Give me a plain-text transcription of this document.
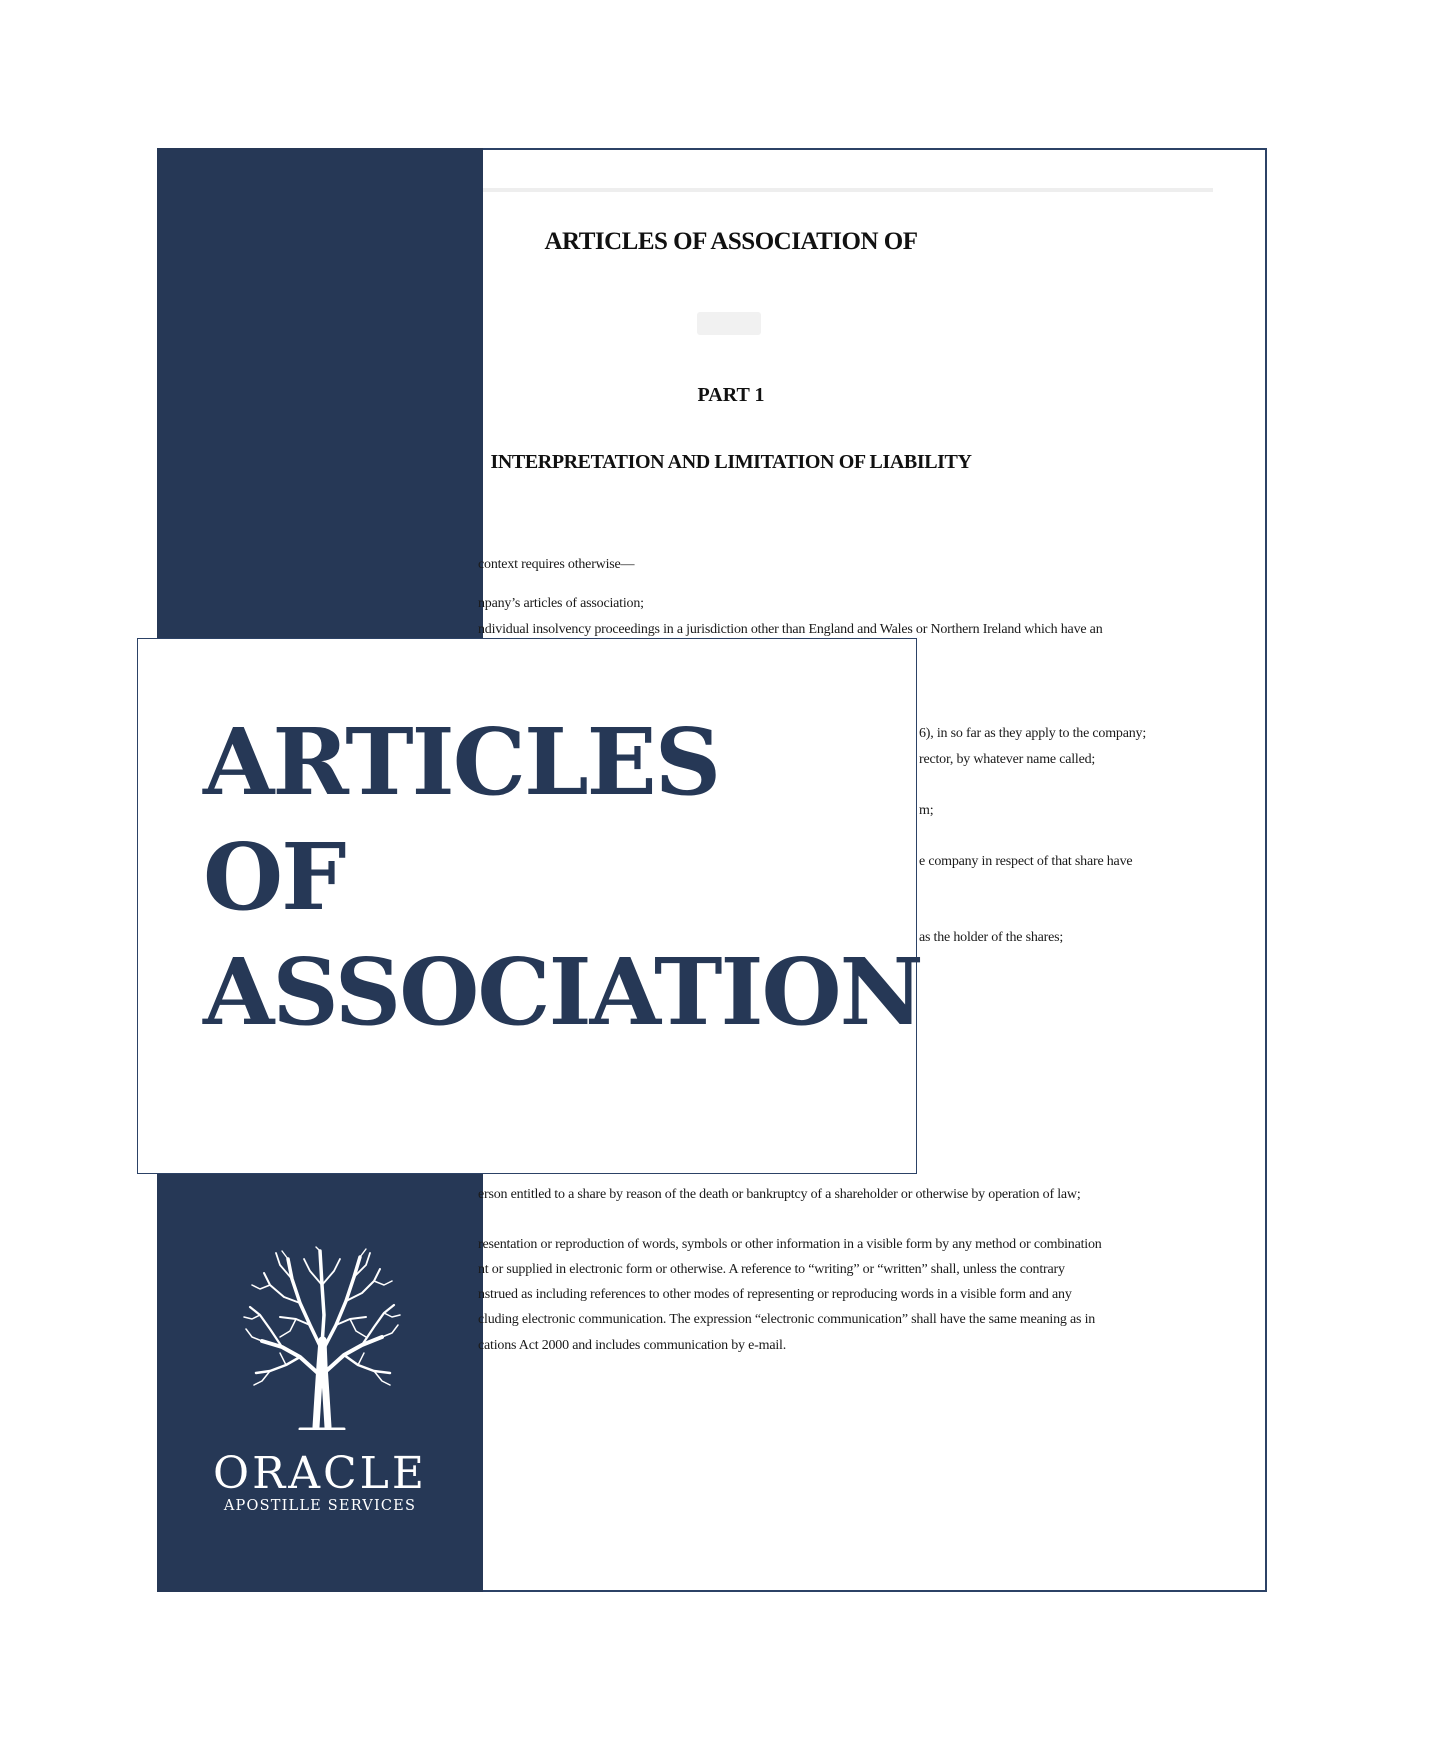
ARTICLES OF ASSOCIATION OF
PART 1
INTERPRETATION AND LIMITATION OF LIABILITY
context requires otherwise—
npany’s articles of association;
ndividual insolvency proceedings in a jurisdiction other than England and Wales or Northern Ireland which have an
6), in so far as they apply to the company;
rector, by whatever name called;
m;
e company in respect of that share have
as the holder of the shares;
erson entitled to a share by reason of the death or bankruptcy of a shareholder or otherwise by operation of law;
resentation or reproduction of words, symbols or other information in a visible form by any method or combination
nt or supplied in electronic form or otherwise. A reference to “writing” or “written” shall, unless the contrary
nstrued as including references to other modes of representing or reproducing words in a visible form and any
cluding electronic communication. The expression “electronic communication” shall have the same meaning as in
cations Act 2000 and includes communication by e-mail.
ARTICLES
OF
ASSOCIATION
ORACLE
APOSTILLE SERVICES
